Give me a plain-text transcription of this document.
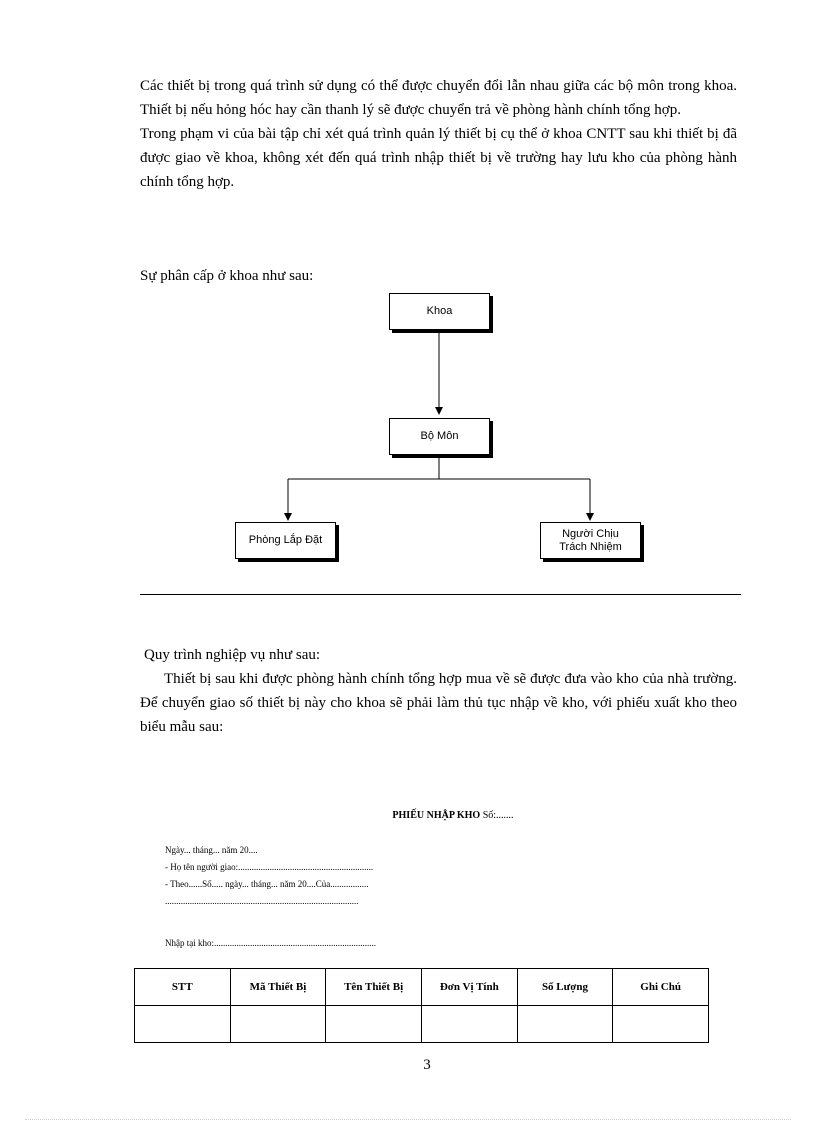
Các thiết bị trong quá trình sử dụng có thể được chuyển đổi lẫn nhau giữa các bộ môn trong khoa. Thiết bị nếu hỏng hóc hay cần thanh lý sẽ được chuyển trả về phòng hành chính tổng hợp.

Trong phạm vi của bài tập chỉ xét quá trình quản lý thiết bị cụ thể ở khoa CNTT sau khi thiết bị đã được giao về khoa, không xét đến quá trình nhập thiết bị về trường hay lưu kho của phòng hành chính tổng hợp.

Sự phân cấp ở khoa như sau:
Khoa
Bộ Môn
Phòng Lắp Đặt
Người Chịu
Trách Nhiệm

Quy trình nghiệp vụ như sau:

Thiết bị sau khi được phòng hành chính tổng hợp mua về sẽ được đưa vào kho của nhà trường. Để chuyển giao số thiết bị này cho khoa sẽ phải làm thủ tục nhập về kho, với phiếu xuất kho theo biểu mẫu sau:

PHIẾU NHẬP KHO Số:.......
Ngày... tháng... năm 20....
- Họ tên người giao:............................................................
- Theo......Số..... ngày... tháng... năm 20....Của.................
......................................................................................
Nhập tại kho:........................................................................
STT	Mã Thiết Bị	Tên Thiết Bị	Đơn Vị Tính	Số Lượng	Ghi Chú

3
